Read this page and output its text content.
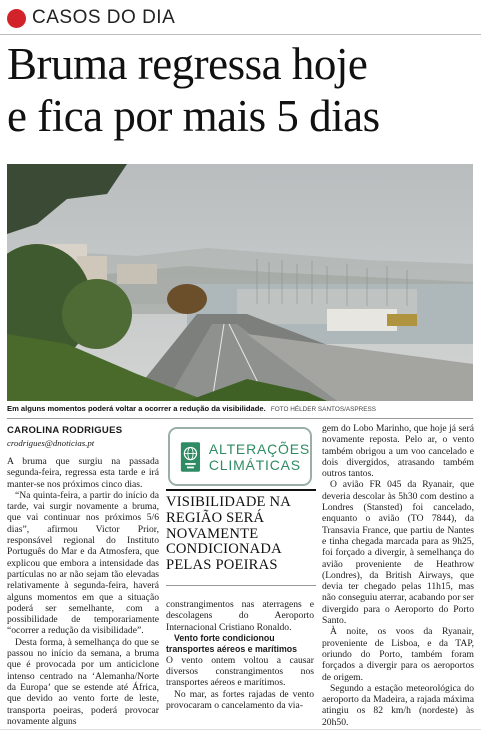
CASOS DO DIA
Bruma regressa hoje
e fica por mais 5 dias
Em alguns momentos poderá voltar a ocorrer a redução da visibilidade. FOTO HÉLDER SANTOS/ASPRESS
CAROLINA RODRIGUES
crodrigues@dnoticias.pt

A bruma que surgiu na passada segunda-feira, regressa esta tarde e irá manter-se nos próximos cinco dias.

“Na quinta-feira, a partir do início da tarde, vai surgir novamente a bruma, que vai continuar nos próximos 5/6 dias”, afirmou Victor Prior, responsável regional do Instituto Português do Mar e da Atmosfera, que explicou que embora a intensidade das partículas no ar não sejam tão elevadas relativamente à segunda-feira, haverá alguns momentos em que a situação poderá ser semelhante, com a possibilidade de temporariamente “ocorrer a redução da visibilidade”.

Desta forma, à semelhança do que se passou no início da semana, a bruma que é provocada por um anticiclone intenso centrado na ‘Alemanha/Norte da Europa’ que se estende até África, que devido ao vento forte de leste, transporta poeiras, poderá provocar novamente alguns

ALTERAÇÕES
CLIMÁTICAS
VISIBILIDADE NA REGIÃO SERÁ NOVAMENTE CONDICIONADA PELAS POEIRAS

constrangimentos nas aterragens e descolagens do Aeroporto Internacional Cristiano Ronaldo.

Vento forte condicionou transportes aéreos e marítimos

O vento ontem voltou a causar diversos constrangimentos nos transportes aéreos e marítimos.

No mar, as fortes rajadas de vento provocaram o cancelamento da via-

gem do Lobo Marinho, que hoje já será novamente reposta. Pelo ar, o vento também obrigou a um voo cancelado e dois divergidos, atrasando também outros tantos.

O avião FR 045 da Ryanair, que deveria descolar às 5h30 com destino a Londres (Stansted) foi cancelado, enquanto o avião (TO 7844), da Transavia France, que partiu de Nantes e tinha chegada marcada para as 9h25, foi forçado a divergir, à semelhança do avião proveniente de Heathrow (Londres), da British Airways, que devia ter chegado pelas 11h15, mas não conseguiu aterrar, acabando por ser divergido para o Aeroporto do Porto Santo.

À noite, os voos da Ryanair, proveniente de Lisboa, e da TAP, oriundo do Porto, também foram forçados a divergir para os aeroportos de origem.

Segundo a estação meteorológica do aeroporto da Madeira, a rajada máxima atingiu os 82 km/h (nordeste) às 20h50.
